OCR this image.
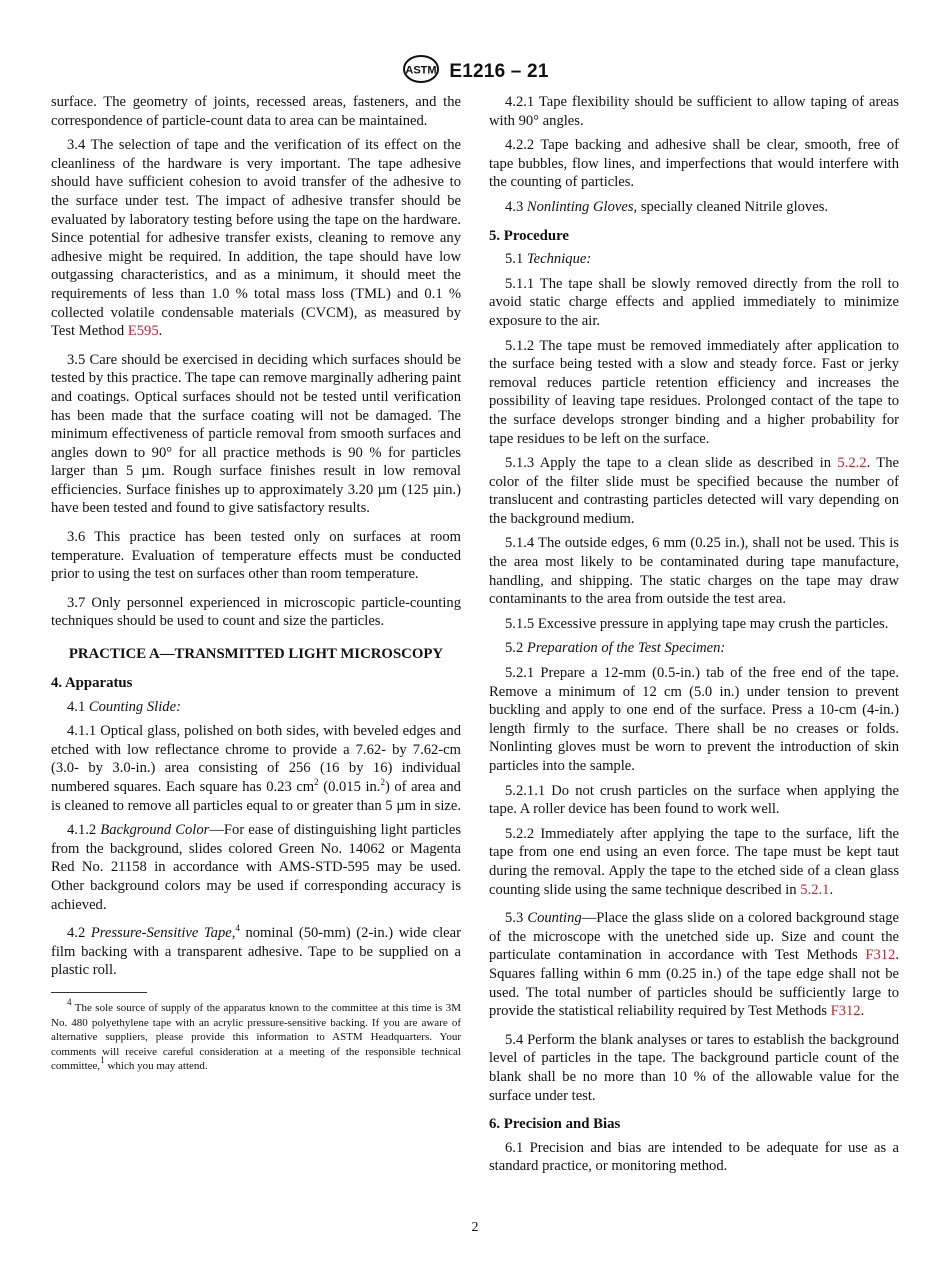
ASTM E1216 – 21

surface. The geometry of joints, recessed areas, fasteners, and the correspondence of particle-count data to area can be maintained.

3.4 The selection of tape and the verification of its effect on the cleanliness of the hardware is very important. The tape adhesive should have sufficient cohesion to avoid transfer of the adhesive to the surface under test. The impact of adhesive transfer should be evaluated by laboratory testing before using the tape on the hardware. Since potential for adhesive transfer exists, cleaning to remove any adhesive might be required. In addition, the tape should have low outgassing characteristics, and as a minimum, it should meet the requirements of less than 1.0 % total mass loss (TML) and 0.1 % collected volatile condensable materials (CVCM), as measured by Test Method E595.

3.5 Care should be exercised in deciding which surfaces should be tested by this practice. The tape can remove marginally adhering paint and coatings. Optical surfaces should not be tested until verification has been made that the surface coating will not be damaged. The minimum effectiveness of particle removal from smooth surfaces and angles down to 90° for all practice methods is 90 % for particles larger than 5 µm. Rough surface finishes result in low removal efficiencies. Surface finishes up to approximately 3.20 µm (125 µin.) have been tested and found to give satisfactory results.

3.6 This practice has been tested only on surfaces at room temperature. Evaluation of temperature effects must be conducted prior to using the test on surfaces other than room temperature.

3.7 Only personnel experienced in microscopic particle-counting techniques should be used to count and size the particles.

PRACTICE A—TRANSMITTED LIGHT MICROSCOPY
4. Apparatus

4.1 Counting Slide:

4.1.1 Optical glass, polished on both sides, with beveled edges and etched with low reflectance chrome to provide a 7.62- by 7.62-cm (3.0- by 3.0-in.) area consisting of 256 (16 by 16) individual numbered squares. Each square has 0.23 $cm^2$ (0.015 in.$^2$) of area and is cleaned to remove all particles equal to or greater than 5 µm in size.

4.1.2 Background Color—For ease of distinguishing light particles from the background, slides colored Green No. 14062 or Magenta Red No. 21158 in accordance with AMS-STD-595 may be used. Other background colors may be used if corresponding accuracy is achieved.

4.2 Pressure-Sensitive Tape,$^4$ nominal (50-mm) (2-in.) wide clear film backing with a transparent adhesive. Tape to be supplied on a plastic roll.

$^4$ The sole source of supply of the apparatus known to the committee at this time is 3M No. 480 polyethylene tape with an acrylic pressure-sensitive backing. If you are aware of alternative suppliers, please provide this information to ASTM Headquarters. Your comments will receive careful consideration at a meeting of the responsible technical committee,$^1$ which you may attend.

4.2.1 Tape flexibility should be sufficient to allow taping of areas with 90° angles.

4.2.2 Tape backing and adhesive shall be clear, smooth, free of tape bubbles, flow lines, and imperfections that would interfere with the counting of particles.

4.3 Nonlinting Gloves, specially cleaned Nitrile gloves.

5. Procedure

5.1 Technique:

5.1.1 The tape shall be slowly removed directly from the roll to avoid static charge effects and applied immediately to minimize exposure to the air.

5.1.2 The tape must be removed immediately after application to the surface being tested with a slow and steady force. Fast or jerky removal reduces particle retention efficiency and increases the possibility of leaving tape residues. Prolonged contact of the tape to the surface develops stronger binding and a higher probability for tape residues to be left on the surface.

5.1.3 Apply the tape to a clean slide as described in 5.2.2. The color of the filter slide must be specified because the number of translucent and contrasting particles detected will vary depending on the background medium.

5.1.4 The outside edges, 6 mm (0.25 in.), shall not be used. This is the area most likely to be contaminated during tape manufacture, handling, and shipping. The static charges on the tape may draw contaminants to the area from outside the test area.

5.1.5 Excessive pressure in applying tape may crush the particles.

5.2 Preparation of the Test Specimen:

5.2.1 Prepare a 12-mm (0.5-in.) tab of the free end of the tape. Remove a minimum of 12 cm (5.0 in.) under tension to prevent buckling and apply to one end of the surface. Press a 10-cm (4-in.) length firmly to the surface. There shall be no creases or folds. Nonlinting gloves must be worn to prevent the introduction of skin particles into the sample.

5.2.1.1 Do not crush particles on the surface when applying the tape. A roller device has been found to work well.

5.2.2 Immediately after applying the tape to the surface, lift the tape from one end using an even force. The tape must be kept taut during the removal. Apply the tape to the etched side of a clean glass counting slide using the same technique described in 5.2.1.

5.3 Counting—Place the glass slide on a colored background stage of the microscope with the unetched side up. Size and count the particulate contamination in accordance with Test Methods F312. Squares falling within 6 mm (0.25 in.) of the tape edge shall not be used. The total number of particles should be sufficiently large to provide the statistical reliability required by Test Methods F312.

5.4 Perform the blank analyses or tares to establish the background level of particles in the tape. The background particle count of the blank shall be no more than 10 % of the allowable value for the surface under test.

6. Precision and Bias

6.1 Precision and bias are intended to be adequate for use as a standard practice, or monitoring method.

2
